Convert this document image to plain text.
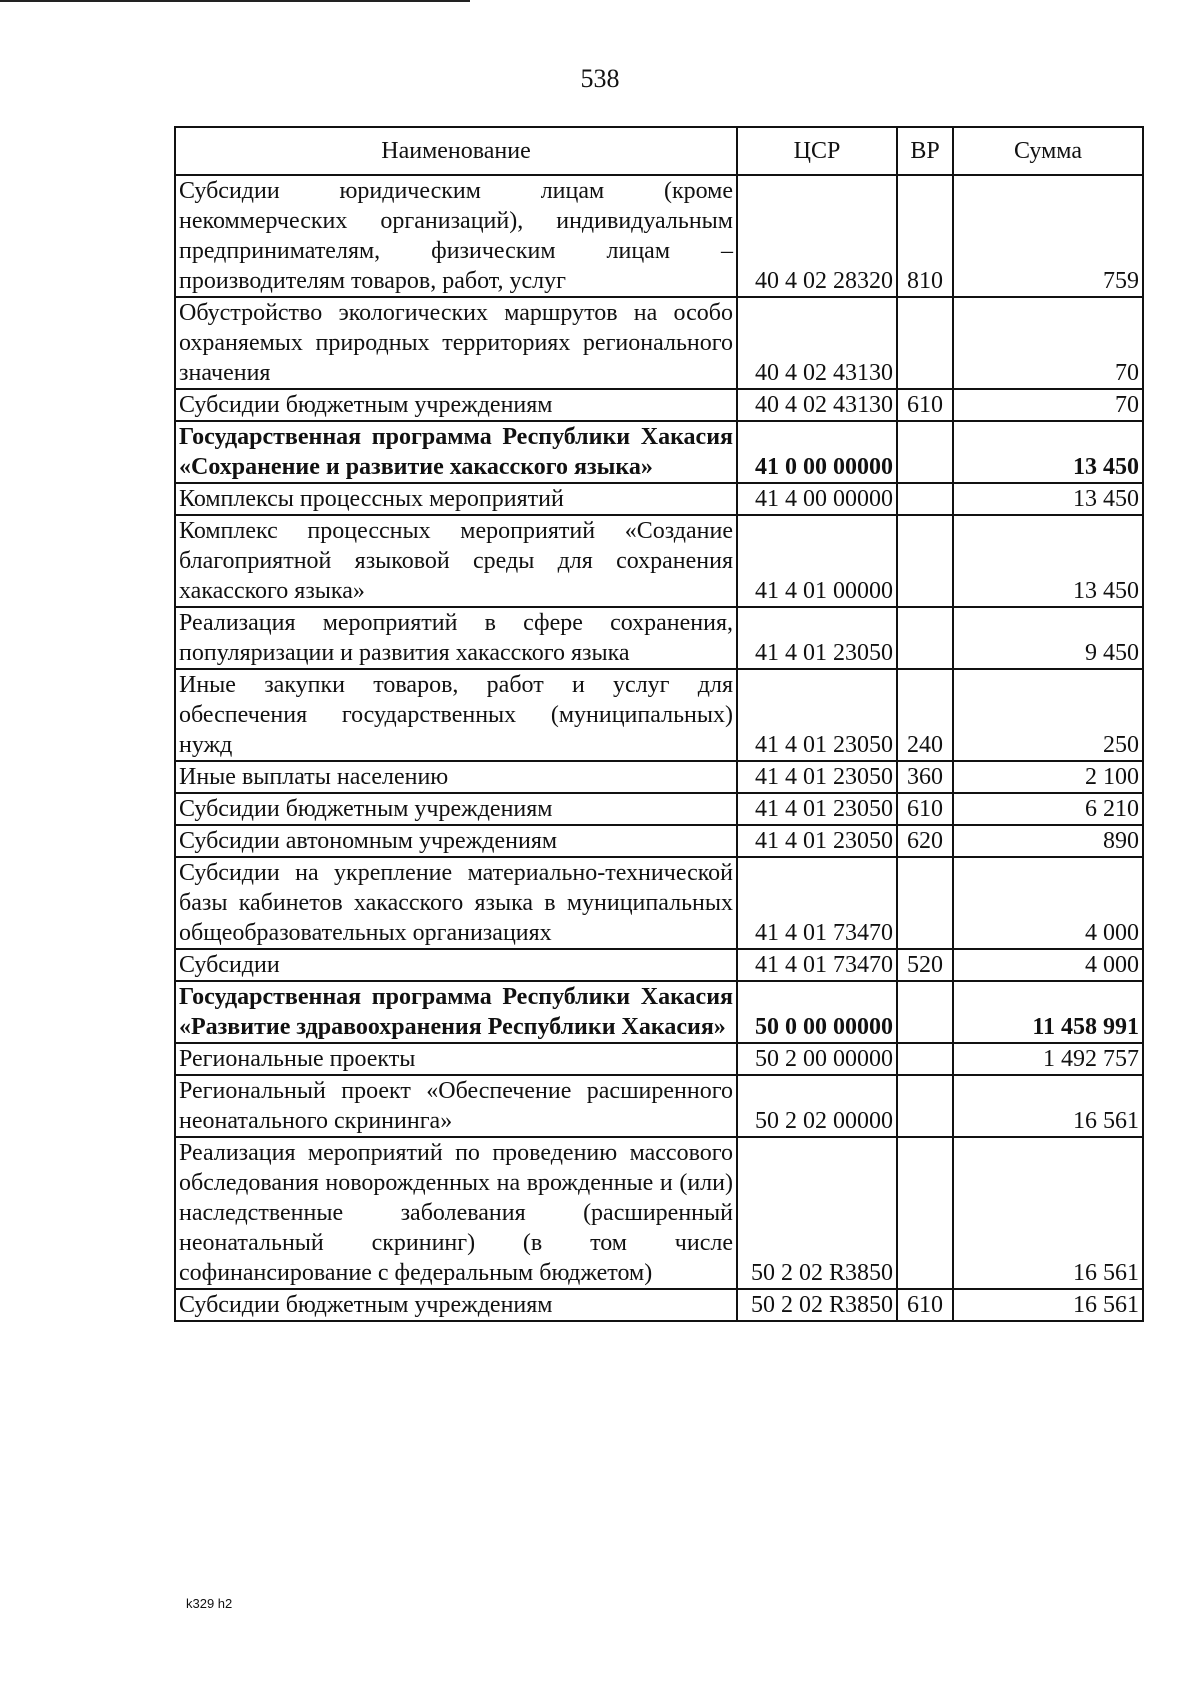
538
Наименование	ЦСР	ВР	Сумма
Субсидии юридическим лицам (кроме некоммерческих организаций), индивидуальным предпринимателям, физическим лицам – производителям товаров, работ, услуг	40 4 02 28320	810	759
Обустройство экологических маршрутов на особо охраняемых природных территориях регионального значения	40 4 02 43130		70
Субсидии бюджетным учреждениям	40 4 02 43130	610	70
Государственная программа Республики Хакасия «Сохранение и развитие хакасского языка»	41 0 00 00000		13 450
Комплексы процессных мероприятий	41 4 00 00000		13 450
Комплекс процессных мероприятий «Создание благоприятной языковой среды для сохранения хакасского языка»	41 4 01 00000		13 450
Реализация мероприятий в сфере сохранения, популяризации и развития хакасского языка	41 4 01 23050		9 450
Иные закупки товаров, работ и услуг для обеспечения государственных (муниципальных) нужд	41 4 01 23050	240	250
Иные выплаты населению	41 4 01 23050	360	2 100
Субсидии бюджетным учреждениям	41 4 01 23050	610	6 210
Субсидии автономным учреждениям	41 4 01 23050	620	890
Субсидии на укрепление материально-технической базы кабинетов хакасского языка в муниципальных общеобразовательных организациях	41 4 01 73470		4 000
Субсидии	41 4 01 73470	520	4 000
Государственная программа Республики Хакасия «Развитие здравоохранения Республики Хакасия»	50 0 00 00000		11 458 991
Региональные проекты	50 2 00 00000		1 492 757
Региональный проект «Обеспечение расширенного неонатального скрининга»	50 2 02 00000		16 561
Реализация мероприятий по проведению массового обследования новорожденных на врожденные и (или) наследственные заболевания (расширенный неонатальный скрининг) (в том числе софинансирование с федеральным бюджетом)	50 2 02 R3850		16 561
Субсидии бюджетным учреждениям	50 2 02 R3850	610	16 561
k329 h2
